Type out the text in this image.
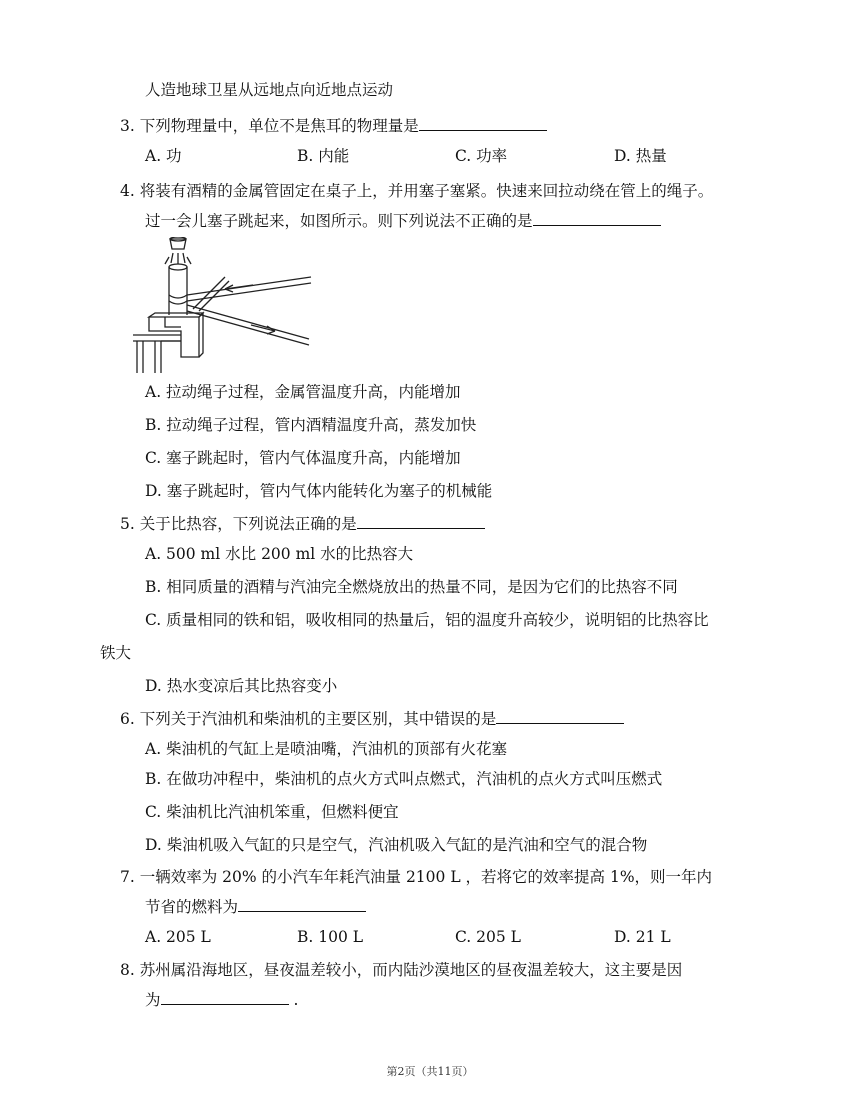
人造地球卫星从远地点向近地点运动
3. 下列物理量中，单位不是焦耳的物理量是
A. 功	B. 内能	C. 功率	D. 热量
4. 将装有酒精的金属管固定在桌子上，并用塞子塞紧。快速来回拉动绕在管上的绳子。
过一会儿塞子跳起来，如图所示。则下列说法不正确的是
A. 拉动绳子过程，金属管温度升高，内能增加
B. 拉动绳子过程，管内酒精温度升高，蒸发加快
C. 塞子跳起时，管内气体温度升高，内能增加
D. 塞子跳起时，管内气体内能转化为塞子的机械能
5. 关于比热容，下列说法正确的是
A. 500 ml 水比 200 ml 水的比热容大
B. 相同质量的酒精与汽油完全燃烧放出的热量不同，是因为它们的比热容不同
C. 质量相同的铁和铝，吸收相同的热量后，铝的温度升高较少，说明铝的比热容比
铁大
D. 热水变凉后其比热容变小
6. 下列关于汽油机和柴油机的主要区别，其中错误的是
A. 柴油机的气缸上是喷油嘴，汽油机的顶部有火花塞
B. 在做功冲程中，柴油机的点火方式叫点燃式，汽油机的点火方式叫压燃式
C. 柴油机比汽油机笨重，但燃料便宜
D. 柴油机吸入气缸的只是空气，汽油机吸入气缸的是汽油和空气的混合物
7. 一辆效率为 20% 的小汽车年耗汽油量 2100 L ，若将它的效率提高 1%，则一年内
节省的燃料为
A. 205 L	B. 100 L	C. 205 L	D. 21 L
8. 苏州属沿海地区，昼夜温差较小，而内陆沙漠地区的昼夜温差较大，这主要是因
为	.
第2页（共11页）
